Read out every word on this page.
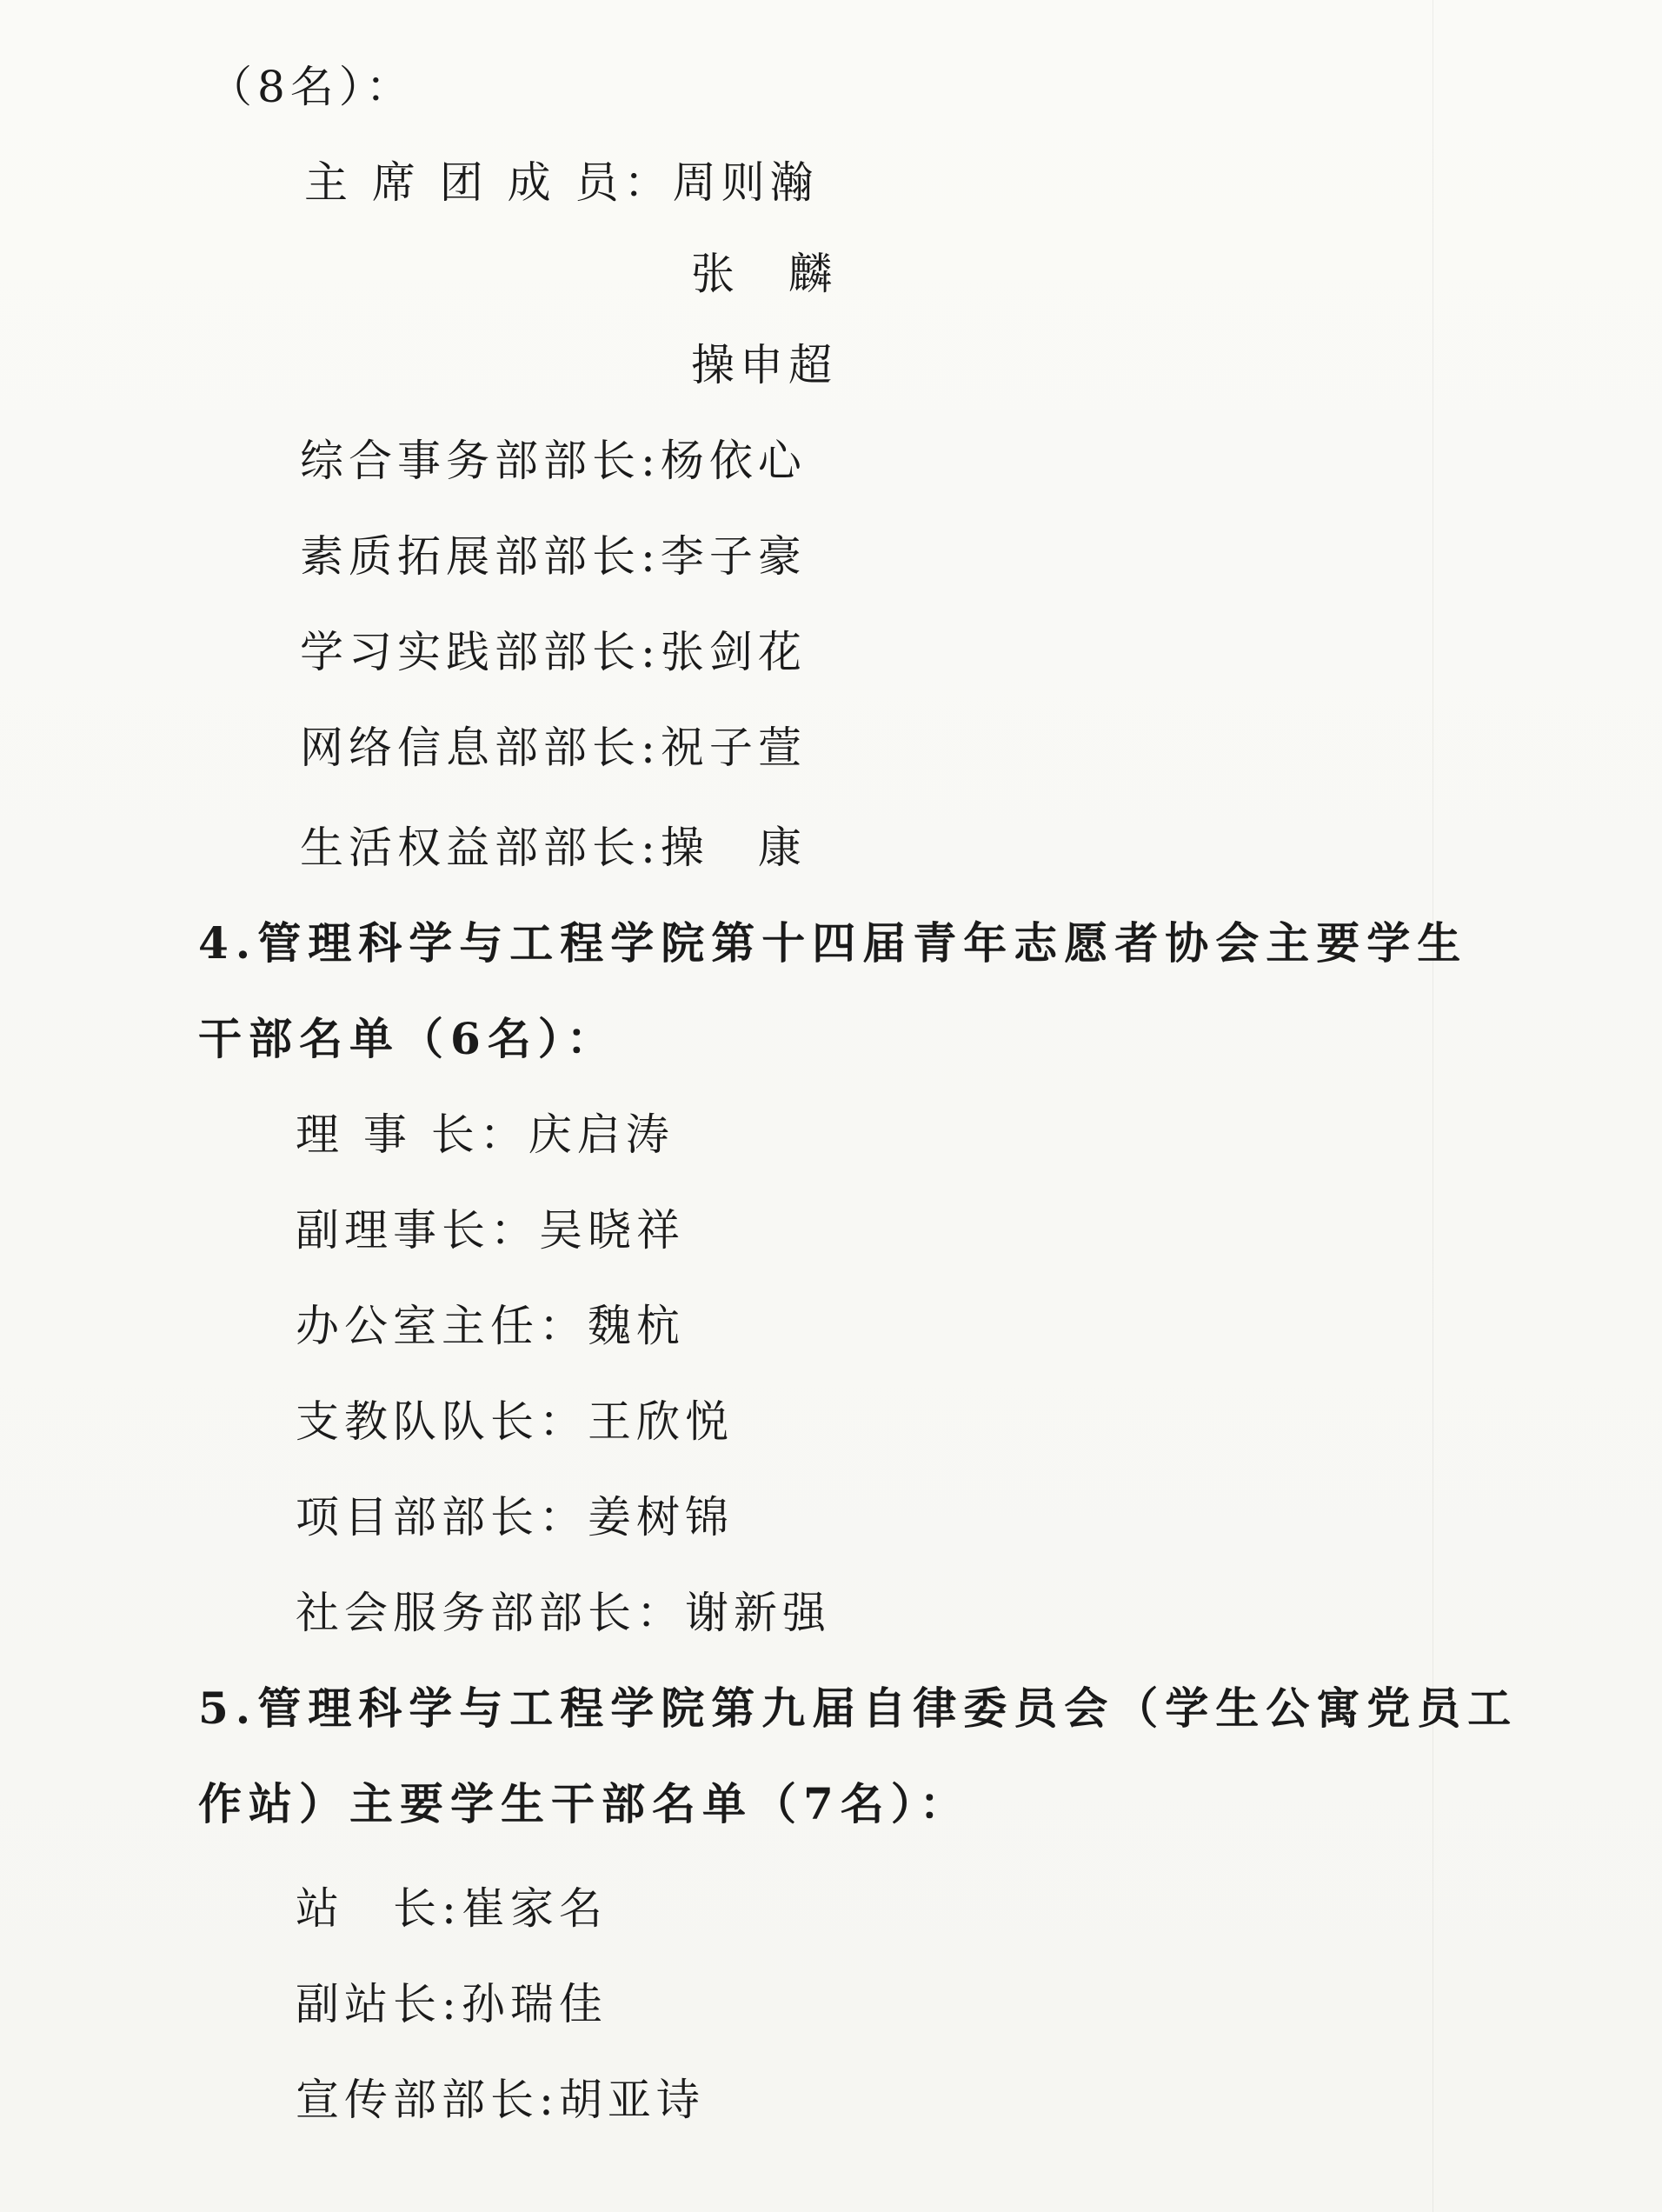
（8名）：
主 席 团 成 员：周则瀚
张　麟
操申超
综合事务部部长:杨依心
素质拓展部部长:李子豪
学习实践部部长:张剑花
网络信息部部长:祝子萱
生活权益部部长:操　康
4.管理科学与工程学院第十四届青年志愿者协会主要学生
干部名单（6名）：
理 事 长：庆启涛
副理事长：吴晓祥
办公室主任：魏杭
支教队队长：王欣悦
项目部部长：姜树锦
社会服务部部长：谢新强
5.管理科学与工程学院第九届自律委员会（学生公寓党员工
作站）主要学生干部名单（7名）：
站　长:崔家名
副站长:孙瑞佳
宣传部部长:胡亚诗
